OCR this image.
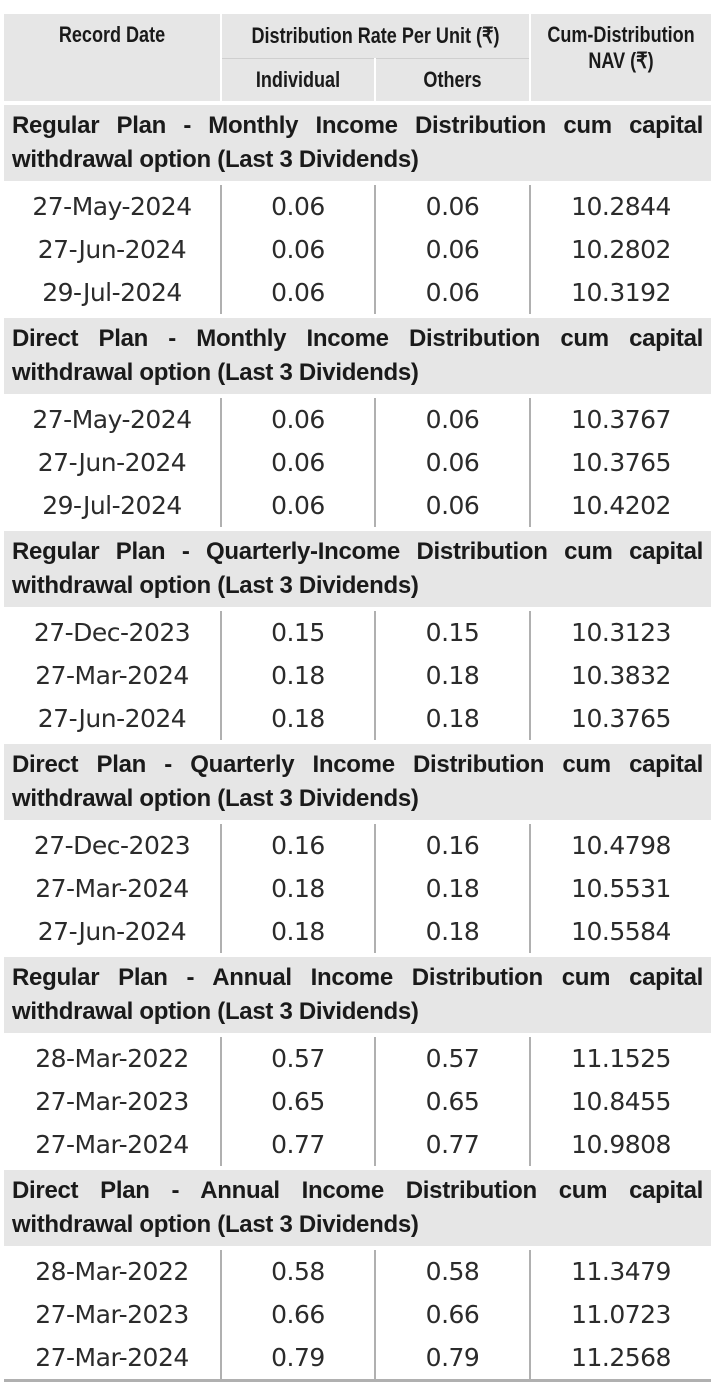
Record Date	Distribution Rate Per Unit (₹)		Cum-Distribution
NAV (₹)

	Individual	Others	

Regular Plan - Monthly Income Distribution cum capital withdrawal option (Last 3 Dividends)			

27-May-2024	0.06	0.06	10.2844
27-Jun-2024	0.06	0.06	10.2802
29-Jul-2024	0.06	0.06	10.3192

Direct Plan - Monthly Income Distribution cum capital withdrawal option (Last 3 Dividends)			

27-May-2024	0.06	0.06	10.3767
27-Jun-2024	0.06	0.06	10.3765
29-Jul-2024	0.06	0.06	10.4202

Regular Plan - Quarterly-Income Distribution cum capital withdrawal option (Last 3 Dividends)			

27-Dec-2023	0.15	0.15	10.3123
27-Mar-2024	0.18	0.18	10.3832
27-Jun-2024	0.18	0.18	10.3765

Direct Plan - Quarterly Income Distribution cum capital withdrawal option (Last 3 Dividends)			

27-Dec-2023	0.16	0.16	10.4798
27-Mar-2024	0.18	0.18	10.5531
27-Jun-2024	0.18	0.18	10.5584

Regular Plan - Annual Income Distribution cum capital withdrawal option (Last 3 Dividends)			

28-Mar-2022	0.57	0.57	11.1525
27-Mar-2023	0.65	0.65	10.8455
27-Mar-2024	0.77	0.77	10.9808

Direct Plan - Annual Income Distribution cum capital withdrawal option (Last 3 Dividends)			

28-Mar-2022	0.58	0.58	11.3479
27-Mar-2023	0.66	0.66	11.0723
27-Mar-2024	0.79	0.79	11.2568
